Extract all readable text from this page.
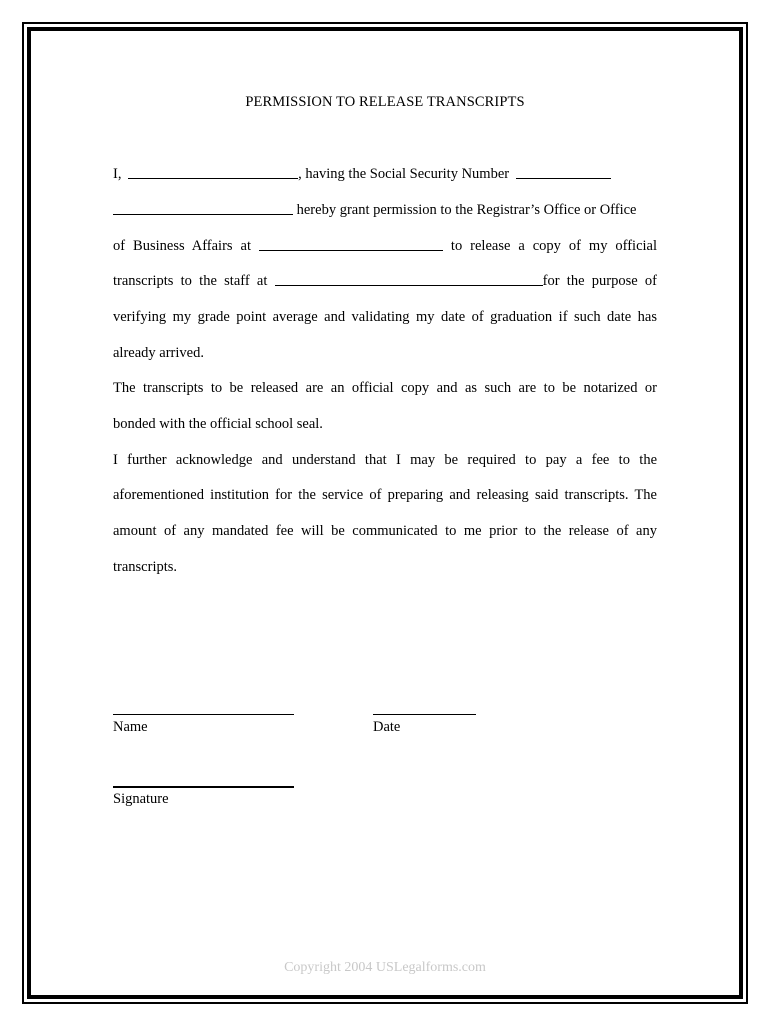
PERMISSION TO RELEASE TRANSCRIPTS
I,	, having the Social Security Number
hereby grant permission to the Registrar’s Office or Office
of Business Affairs at	to release a copy of my official
transcripts to the staff at	for the purpose of
verifying my grade point average and validating my date of graduation if such date has
already arrived.
The transcripts to be released are an official copy and as such are to be notarized or
bonded with the official school seal.
I further acknowledge and understand that I may be required to pay a fee to the
aforementioned institution for the service of preparing and releasing said transcripts. The
amount of any mandated fee will be communicated to me prior to the release of any
transcripts.
Name	Date
Signature
Copyright 2004 USLegalforms.com
